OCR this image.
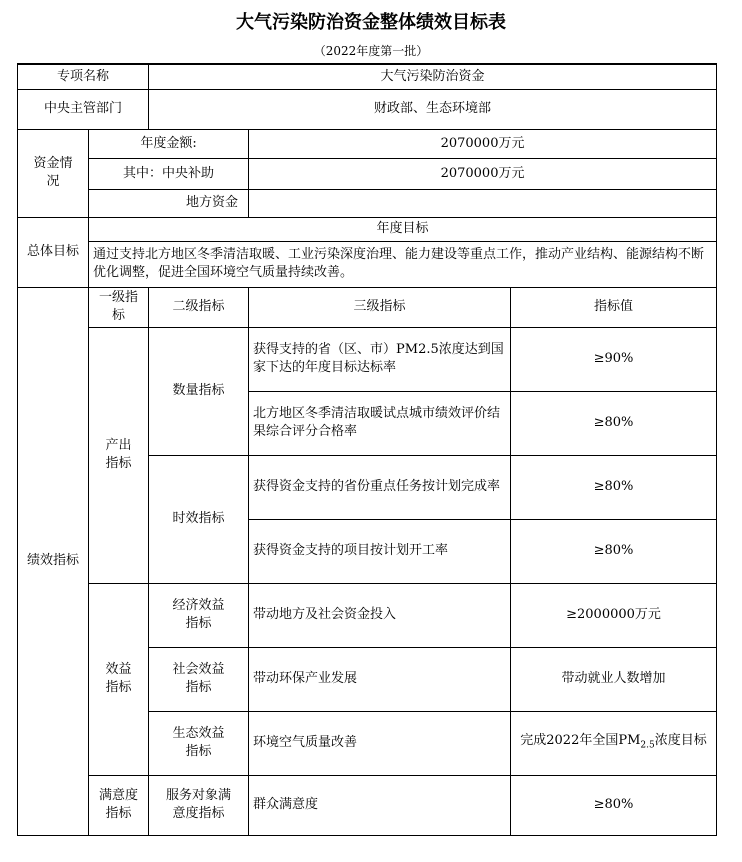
大气污染防治资金整体绩效目标表
（2022年度第一批）
专项名称		大气污染防治资金		
中央主管部门		财政部、生态环境部		
资金情况	年度金额:		2070000万元	
	其中：中央补助		2070000万元	
	地方资金			
总体目标	年度目标			
	通过支持北方地区冬季清洁取暖、工业污染深度治理、能力建设等重点工作，推动产业结构、能源结构不断优化调整，促进全国环境空气质量持续改善。			
绩效指标	一级指标	二级指标	三级指标	指标值
	产出指标	数量指标	获得支持的省（区、市）PM2.5浓度达到国家下达的年度目标达标率	≥90%
			北方地区冬季清洁取暖试点城市绩效评价结果综合评分合格率	≥80%
		时效指标	获得资金支持的省份重点任务按计划完成率	≥80%
			获得资金支持的项目按计划开工率	≥80%
	效益指标	经济效益指标	带动地方及社会资金投入	≥2000000万元
		社会效益指标	带动环保产业发展	带动就业人数增加
		生态效益指标	环境空气质量改善	完成2022年全国$PM_{2.5}$浓度目标
	满意度指标	服务对象满意度指标	群众满意度	≥80%
